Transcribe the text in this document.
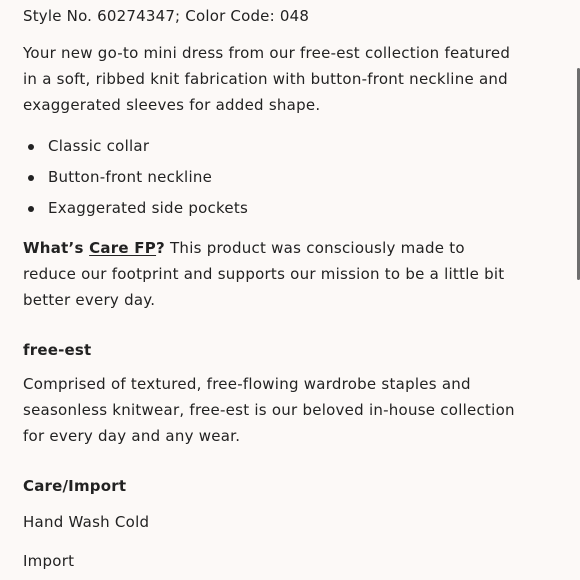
Style No. 60274347; Color Code: 048
Your new go-to mini dress from our free-est collection featured in a soft, ribbed knit fabrication with button-front neckline and exaggerated sleeves for added shape.
Classic collar
Button-front neckline
Exaggerated side pockets
What’s Care FP? This product was consciously made to reduce our footprint and supports our mission to be a little bit better every day.
free-est
Comprised of textured, free-flowing wardrobe staples and seasonless knitwear, free-est is our beloved in-house collection for every day and any wear.
Care/Import
Hand Wash Cold
Import
